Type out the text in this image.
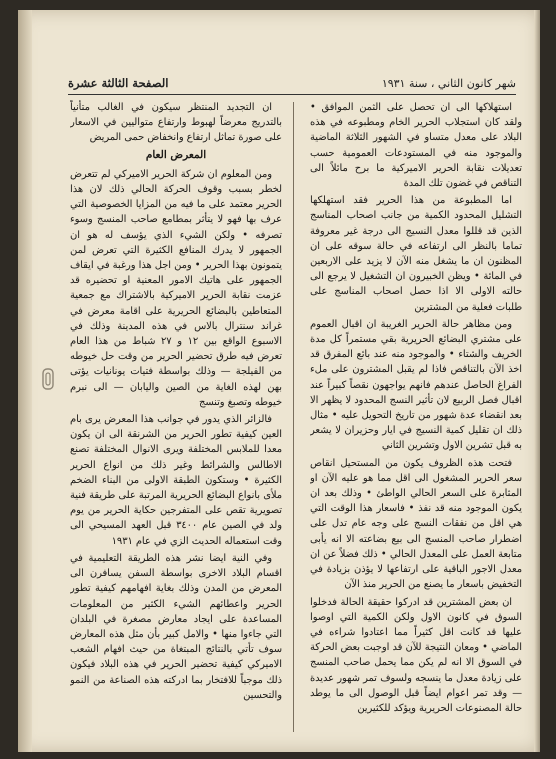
شهر كانون الثاني ، سنة ١٩٣١
الصفحة الثالثة عشرة

استهلاكها الى ان تحصل على الثمن الموافق • ولقد كان استجلاب الحرير الخام ومطبوعه في هذه البلاد على معدل متساو في الشهور الثلاثة الماضية والموجود منه في المستودعات العمومية حسب تعديلات نقابة الحرير الاميركية ما برح مائلاً الى التناقص في غضون تلك المدة

اما المطبوعة من هذا الحرير فقد استهلكها التشليل المحدود الكمية من جانب اصحاب المناسج الذين قد قللوا معدل النسيج الى درجة غير معروفة تماما بالنظر الى ارتفاعه في حالة سوقه على ان المظنون ان ما يشغل منه الآن لا يزيد على الاربعين في المائة • ويظن الخبيرون ان التشغيل لا يرجع الى حالته الاولى الا اذا حصل اصحاب المناسج على طلبات فعلية من المشترين

ومن مظاهر حالة الحرير الغريبة ان اقبال العموم على مشتري البضائع الحريرية بقي مستمراً كل مدة الخريف والشتاء • والموجود منه عند بائع المفرق قد اخذ الآن بالتناقص فاذا لم يقبل المشترون على ملء الفراغ الحاصل عندهم فانهم يواجهون نقصاً كبيراً عند اقبال فصل الربيع لان تأثير النسج المحدود لا يظهر الا بعد انقضاء عدة شهور من تاريخ التحويل عليه • مثال ذلك ان تقليل كمية النسيج في ايار وحزيران لا يشعر به قبل تشرين الاول وتشرين الثاني

فتحت هذه الظروف يكون من المستحيل انقاص سعر الحرير المشغول الى اقل مما هو عليه الآن او المثابرة على السعر الحالي الواطئ • وذلك بعد ان يكون الموجود منه قد نفذ • فاسعار هذا الوقت التي هي اقل من نفقات النسج على وجه عام تدل على اضطرار صاحب المنسج الى بيع بضاعته الا انه يأبى متابعة العمل على المعدل الحالي • ذلك فضلاً عن ان معدل الاجور الباقية على ارتفاعها لا يؤذن بزيادة في التخفيض باسعار ما يصنع من الحرير منذ الآن

ان بعض المشترين قد ادركوا حقيقة الحالة فدخلوا السوق في كانون الاول ولكن الكمية التي اوصوا عليها قد كانت اقل كثيراً مما اعتادوا شراءه في الماضي • ومعان النتيجة للآن قد اوجبت بعض الحركة في السوق الا انه لم يكن مما يحمل صاحب المنسج على زيادة معدل ما ينسجه ولسوف تمر شهور عديدة — وقد تمر اعوام ايضاً قبل الوصول الى ما يوطد حالة المصنوعات الحريرية ويؤكد للكثيرين

ان التجديد المنتظر سيكون في الغالب متأنياً بالتدريج معرضاً لهبوط وارتفاع متواليين في الاسعار على صورة تماثل ارتفاع وانخفاض حمى المريض

المعرض العام

ومن المعلوم ان شركة الحرير الاميركي لم تتعرض لخطر بسبب وقوف الحركة الحالي ذلك لان هذا الحرير معتمد على ما فيه من المزايا الخصوصية التي عرف بها فهو لا يتأثر بمطامع صاحب المنسج وسوء تصرفه • ولكن الشيء الذي يؤسف له هو ان الجمهور لا يدرك المنافع الكثيرة التي تعرض لمن يتمونون بهذا الحرير • ومن اجل هذا ورغبة في ايقاف الجمهور على هاتيك الامور المعنية او تحضيره قد عزمت نقابة الحرير الاميركية بالاشتراك مع جمعية المتعاطين بالبضائع الحريرية على اقامة معرض في غراند سنترال بالاس في هذه المدينة وذلك في الاسبوع الواقع بين ١٢ و ٢٧ شباط من هذا العام تعرض فيه طرق تحضير الحرير من وقت حل خيوطه من الفيلجة — وذلك بواسطة فتيات يونانيات يؤتى بهن لهذه الغاية من الصين واليابان — الى نبرم خيوطه وتصبغ وتنسج

فالزائر الذي يدور في جوانب هذا المعرض يرى بام العين كيفية تطور الحرير من الشرنقة الى ان يكون معدا للملابس المختلفة ويرى الانوال المختلفة تصنع الاطالس والشرائط وغير ذلك من انواع الحرير الكثيرة • وستكون الطبقة الاولى من البناء الضخم ملأى بانواع البضائع الحريرية المرتبة على طريقة فنية تصويرية تقص على المتفرجين حكاية الحرير من يوم ولد في الصين عام ٣٤٠٠ قبل العهد المسيحي الى وقت استعماله الحديث الزي في عام ١٩٣١

وفي النية ايضا نشر هذه الطريقة التعليمية في اقسام البلاد الاخرى بواسطة السفن يسافرن الى المعرض من المدن وذلك بغاية افهامهم كيفية تطور الحرير واعطائهم الشيء الكثير من المعلومات المساعدة على ايجاد معارض مصغرة في البلدان التي جاءوا منها • والامل كبير بأن مثل هذه المعارض سوف تأتي بالنتائج المبتغاة من حيث افهام الشعب الاميركي كيفية تحضير الحرير في هذه البلاد فيكون ذلك موجباً للافتخار بما ادركته هذه الصناعة من النمو والتحسين
